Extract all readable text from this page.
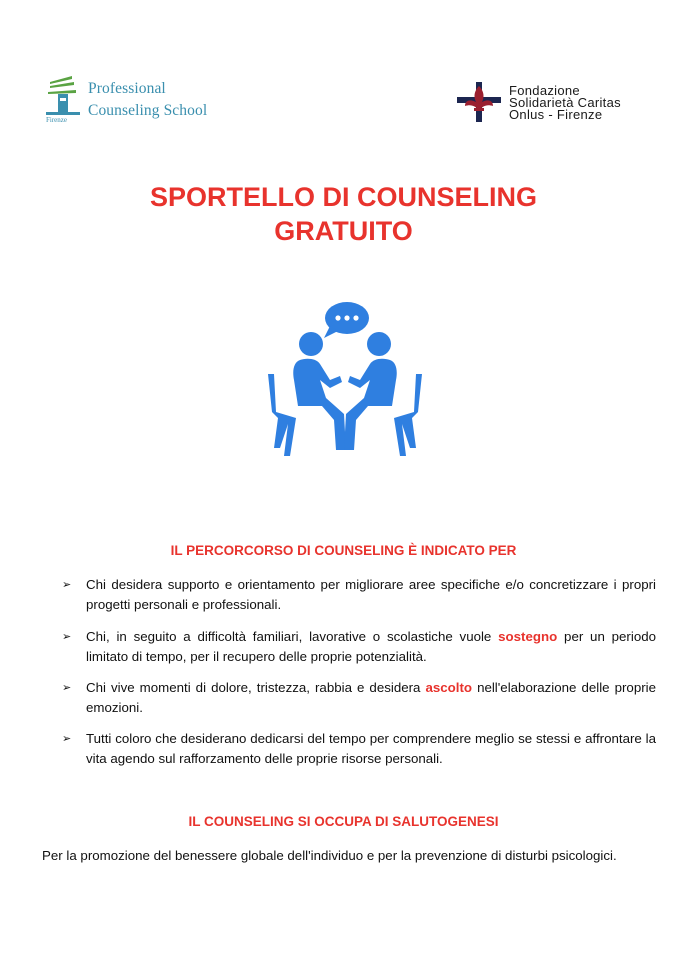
Professional
Counseling School
Firenze
Fondazione
Solidarietà Caritas
Onlus - Firenze
SPORTELLO DI COUNSELING
GRATUITO
IL PERCORCORSO DI COUNSELING È INDICATO PER
➢ Chi desidera supporto e orientamento per migliorare aree specifiche e/o concretizzare i propri progetti personali e professionali.
➢ Chi, in seguito a difficoltà familiari, lavorative o scolastiche vuole sostegno per un periodo limitato di tempo, per il recupero delle proprie potenzialità.
➢ Chi vive momenti di dolore, tristezza, rabbia e desidera ascolto nell'elaborazione delle proprie emozioni.
➢ Tutti coloro che desiderano dedicarsi del tempo per comprendere meglio se stessi e affrontare la vita agendo sul rafforzamento delle proprie risorse personali.
IL COUNSELING SI OCCUPA DI SALUTOGENESI
Per la promozione del benessere globale dell'individuo e per la prevenzione di disturbi psicologici.
